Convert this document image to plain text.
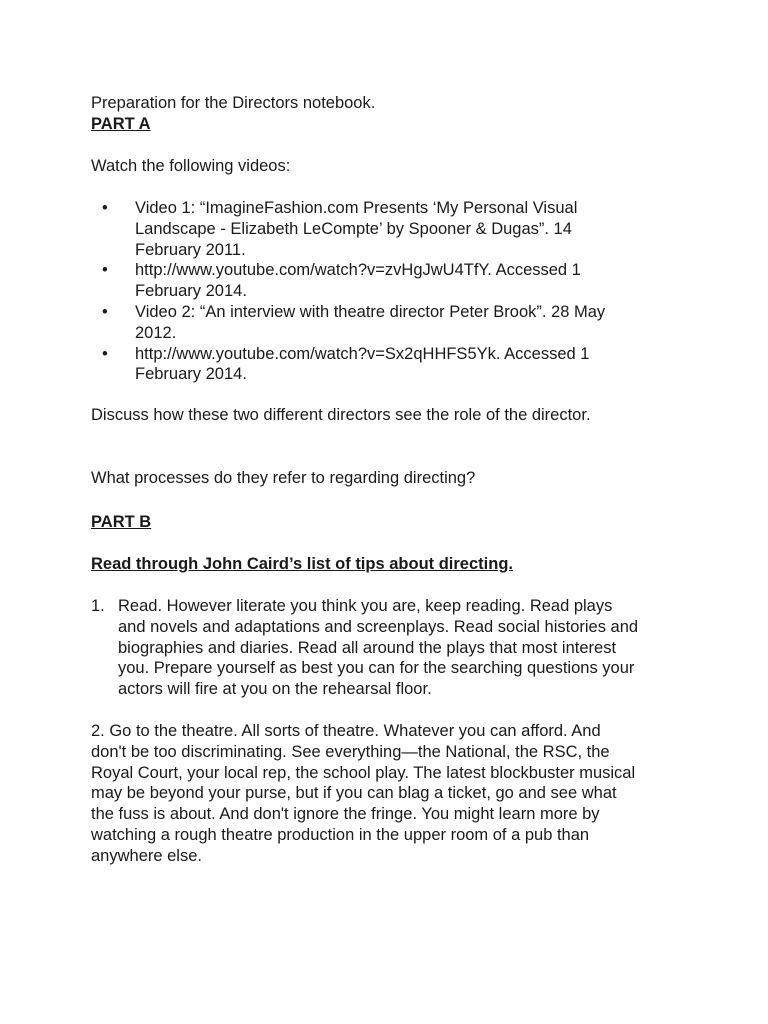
Preparation for the Directors notebook.
PART A
Watch the following videos:
• Video 1: “ImagineFashion.com Presents ‘My Personal Visual
Landscape - Elizabeth LeCompte’ by Spooner & Dugas”. 14
February 2011.
• http://www.youtube.com/watch?v=zvHgJwU4TfY. Accessed 1
February 2014.
• Video 2: “An interview with theatre director Peter Brook”. 28 May
2012.
• http://www.youtube.com/watch?v=Sx2qHHFS5Yk. Accessed 1
February 2014.
Discuss how these two different directors see the role of the director.
What processes do they refer to regarding directing?
PART B
Read through John Caird’s list of tips about directing.
1. Read. However literate you think you are, keep reading. Read plays
and novels and adaptations and screenplays. Read social histories and
biographies and diaries. Read all around the plays that most interest
you. Prepare yourself as best you can for the searching questions your
actors will fire at you on the rehearsal floor.
2. Go to the theatre. All sorts of theatre. Whatever you can afford. And
don't be too discriminating. See everything—the National, the RSC, the
Royal Court, your local rep, the school play. The latest blockbuster musical
may be beyond your purse, but if you can blag a ticket, go and see what
the fuss is about. And don't ignore the fringe. You might learn more by
watching a rough theatre production in the upper room of a pub than
anywhere else.
